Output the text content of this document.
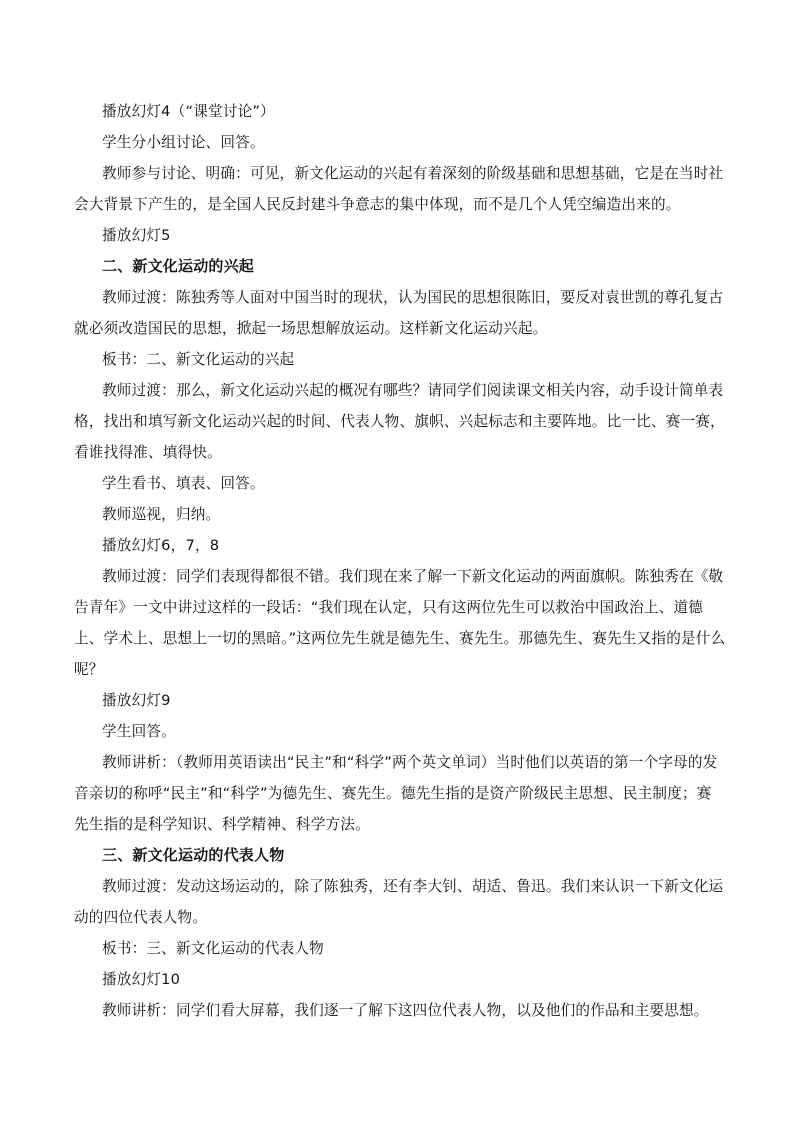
播放幻灯4（“课堂讨论”）

学生分小组讨论、回答。

教师参与讨论、明确：可见，新文化运动的兴起有着深刻的阶级基础和思想基础，它是在当时社会大背景下产生的，是全国人民反封建斗争意志的集中体现，而不是几个人凭空编造出来的。

播放幻灯5

二、新文化运动的兴起

教师过渡：陈独秀等人面对中国当时的现状，认为国民的思想很陈旧，要反对袁世凯的尊孔复古就必须改造国民的思想，掀起一场思想解放运动。这样新文化运动兴起。

板书：二、新文化运动的兴起

教师过渡：那么，新文化运动兴起的概况有哪些？请同学们阅读课文相关内容，动手设计简单表格，找出和填写新文化运动兴起的时间、代表人物、旗帜、兴起标志和主要阵地。比一比、赛一赛，看谁找得准、填得快。

学生看书、填表、回答。

教师巡视，归纳。

播放幻灯6，7，8

教师过渡：同学们表现得都很不错。我们现在来了解一下新文化运动的两面旗帜。陈独秀在《敬告青年》一文中讲过这样的一段话：“我们现在认定，只有这两位先生可以救治中国政治上、道德上、学术上、思想上一切的黑暗。”这两位先生就是德先生、赛先生。那德先生、赛先生又指的是什么呢？

播放幻灯9

学生回答。

教师讲析：（教师用英语读出“民主”和“科学”两个英文单词）当时他们以英语的第一个字母的发音亲切的称呼“民主”和“科学”为德先生、赛先生。德先生指的是资产阶级民主思想、民主制度；赛先生指的是科学知识、科学精神、科学方法。

三、新文化运动的代表人物

教师过渡：发动这场运动的，除了陈独秀，还有李大钊、胡适、鲁迅。我们来认识一下新文化运动的四位代表人物。

板书：三、新文化运动的代表人物

播放幻灯10

教师讲析：同学们看大屏幕，我们逐一了解下这四位代表人物，以及他们的作品和主要思想。
